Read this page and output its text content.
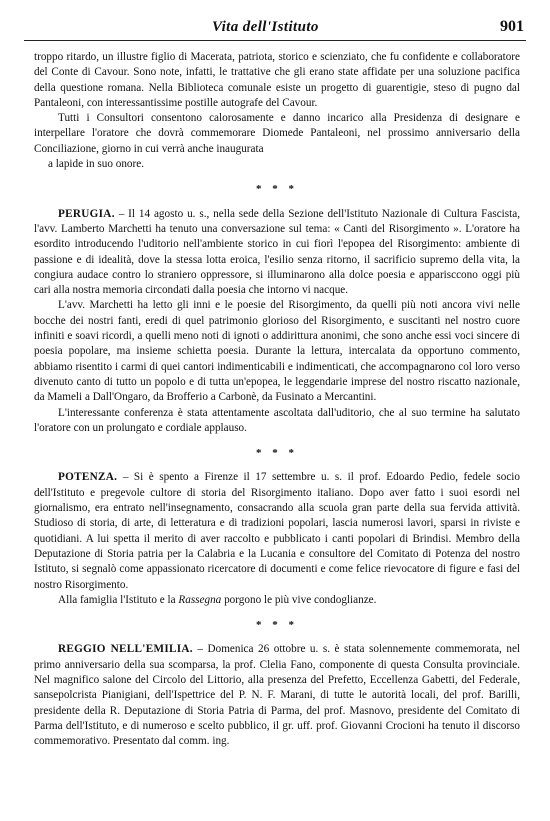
Vita dell'Istituto	901

troppo ritardo, un illustre figlio di Macerata, patriota, storico e scienziato, che fu confidente e collaboratore del Conte di Cavour. Sono note, infatti, le trattative che gli erano state affidate per una soluzione pacifica della questione romana. Nella Biblioteca comunale esiste un progetto di guarentigie, steso di pugno dal Pantaleoni, con interessantissime postille autografe del Cavour.

Tutti i Consultori consentono calorosamente e danno incarico alla Presidenza di designare e interpellare l'oratore che dovrà commemorare Diomede Pantaleoni, nel prossimo anniversario della Conciliazione, giorno in cui verrà anche inaugurata

a lapide in suo onore.

* * *

PERUGIA. – Il 14 agosto u. s., nella sede della Sezione dell'Istituto Nazionale di Cultura Fascista, l'avv. Lamberto Marchetti ha tenuto una conversazione sul tema: « Canti del Risorgimento ». L'oratore ha esordito introducendo l'uditorio nell'ambiente storico in cui fiorì l'epopea del Risorgimento: ambiente di passione e di idealità, dove la stessa lotta eroica, l'esilio senza ritorno, il sacrificio supremo della vita, la congiura audace contro lo straniero oppressore, si illuminarono alla dolce poesia e apparisccono oggi più cari alla nostra memoria circondati dalla poesia che intorno vi nacque.

L'avv. Marchetti ha letto gli inni e le poesie del Risorgimento, da quelli più noti ancora vivi nelle bocche dei nostri fanti, eredi di quel patrimonio glorioso del Risorgimento, e suscitanti nel nostro cuore infiniti e soavi ricordi, a quelli meno noti di ignoti o addirittura anonimi, che sono anche essi voci sincere di poesia popolare, ma insieme schietta poesia. Durante la lettura, intercalata da opportuno commento, abbiamo risentito i carmi di quei cantori indimenticabili e indimenticati, che accompagnarono col loro verso divenuto canto di tutto un popolo e di tutta un'epopea, le leggendarie imprese del nostro riscatto nazionale, da Mameli a Dall'Ongaro, da Brofferio a Carbonè, da Fusinato a Mercantini.

L'interessante conferenza è stata attentamente ascoltata dall'uditorio, che al suo termine ha salutato l'oratore con un prolungato e cordiale applauso.

* * *

POTENZA. – Si è spento a Firenze il 17 settembre u. s. il prof. Edoardo Pedio, fedele socio dell'Istituto e pregevole cultore di storia del Risorgimento italiano. Dopo aver fatto i suoi esordi nel giornalismo, era entrato nell'insegnamento, consacrando alla scuola gran parte della sua fervida attività. Studioso di storia, di arte, di letteratura e di tradizioni popolari, lascia numerosi lavori, sparsi in riviste e quotidiani. A lui spetta il merito di aver raccolto e pubblicato i canti popolari di Brindisi. Membro della Deputazione di Storia patria per la Calabria e la Lucania e consultore del Comitato di Potenza del nostro Istituto, si segnalò come appassionato ricercatore di documenti e come felice rievocatore di figure e fasi del nostro Risorgimento.

Alla famiglia l'Istituto e la Rassegna porgono le più vive condoglianze.

* * *

REGGIO NELL'EMILIA. – Domenica 26 ottobre u. s. è stata solennemente commemorata, nel primo anniversario della sua scomparsa, la prof. Clelia Fano, componente di questa Consulta provinciale. Nel magnifico salone del Circolo del Littorio, alla presenza del Prefetto, Eccellenza Gabetti, del Federale, sansepolcrista Pianigiani, dell'Ispettrice del P. N. F. Marani, di tutte le autorità locali, del prof. Barilli, presidente della R. Deputazione di Storia Patria di Parma, del prof. Masnovo, presidente del Comitato di Parma dell'Istituto, e di numeroso e scelto pubblico, il gr. uff. prof. Giovanni Crocioni ha tenuto il discorso commemorativo. Presentato dal comm. ing.
